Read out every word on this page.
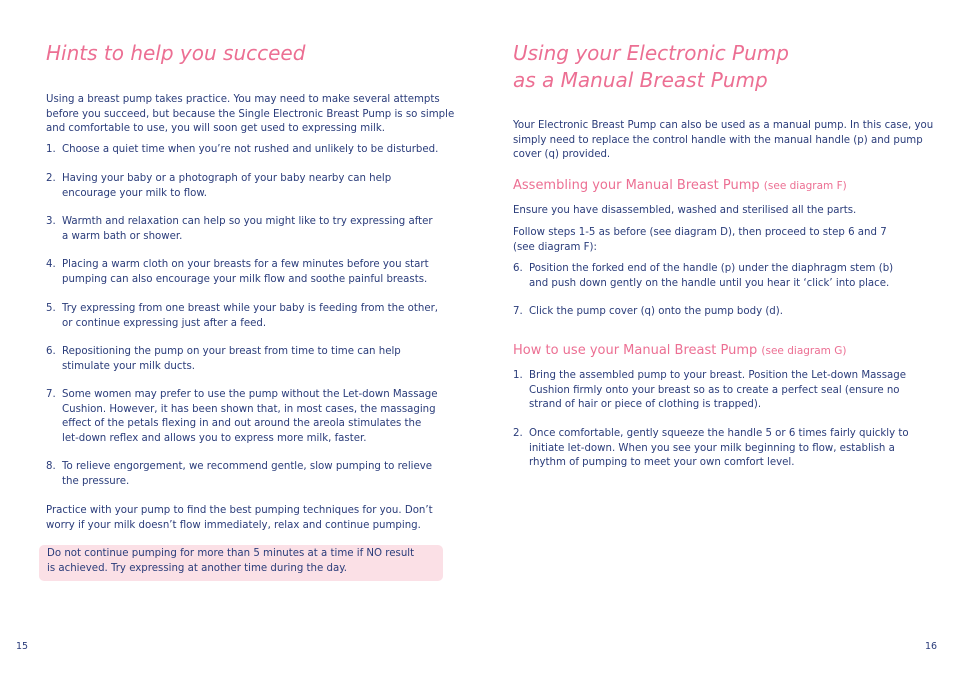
Hints to help you succeed

Using a breast pump takes practice. You may need to make several attempts
before you succeed, but because the Single Electronic Breast Pump is so simple
and comfortable to use, you will soon get used to expressing milk.

1. Choose a quiet time when you’re not rushed and unlikely to be disturbed.
2. Having your baby or a photograph of your baby nearby can help
encourage your milk to flow.
3. Warmth and relaxation can help so you might like to try expressing after
a warm bath or shower.
4. Placing a warm cloth on your breasts for a few minutes before you start
pumping can also encourage your milk flow and soothe painful breasts.
5. Try expressing from one breast while your baby is feeding from the other,
or continue expressing just after a feed.
6. Repositioning the pump on your breast from time to time can help
stimulate your milk ducts.
7. Some women may prefer to use the pump without the Let-down Massage
Cushion. However, it has been shown that, in most cases, the massaging
effect of the petals flexing in and out around the areola stimulates the
let-down reflex and allows you to express more milk, faster.
8. To relieve engorgement, we recommend gentle, slow pumping to relieve
the pressure.

Practice with your pump to find the best pumping techniques for you. Don’t
worry if your milk doesn’t flow immediately, relax and continue pumping.

Do not continue pumping for more than 5 minutes at a time if NO result
is achieved. Try expressing at another time during the day.
15
Using your Electronic Pump
as a Manual Breast Pump

Your Electronic Breast Pump can also be used as a manual pump. In this case, you
simply need to replace the control handle with the manual handle (p) and pump
cover (q) provided.

Assembling your Manual Breast Pump (see diagram F)

Ensure you have disassembled, washed and sterilised all the parts.

Follow steps 1-5 as before (see diagram D), then proceed to step 6 and 7
(see diagram F):

6. Position the forked end of the handle (p) under the diaphragm stem (b)
and push down gently on the handle until you hear it ‘click’ into place.
7. Click the pump cover (q) onto the pump body (d).
How to use your Manual Breast Pump (see diagram G)
1. Bring the assembled pump to your breast. Position the Let-down Massage
Cushion firmly onto your breast so as to create a perfect seal (ensure no
strand of hair or piece of clothing is trapped).
2. Once comfortable, gently squeeze the handle 5 or 6 times fairly quickly to
initiate let-down. When you see your milk beginning to flow, establish a
rhythm of pumping to meet your own comfort level.
16
